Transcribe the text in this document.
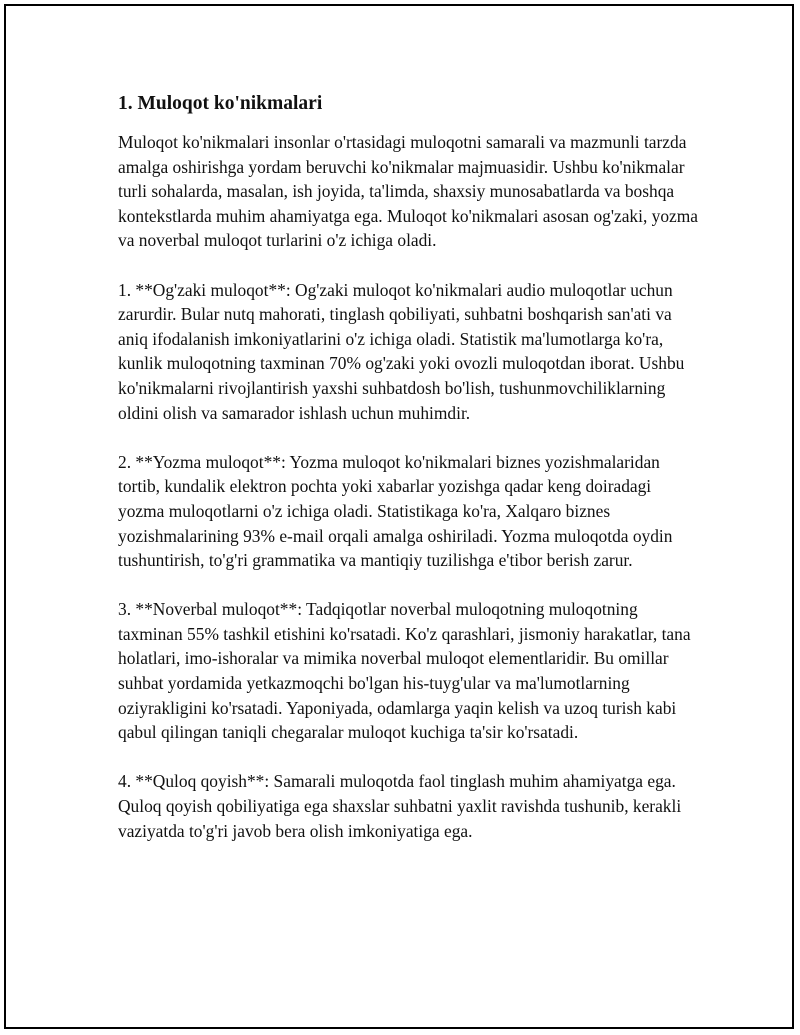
1. Muloqot ko'nikmalari

Muloqot ko'nikmalari insonlar o'rtasidagi muloqotni samarali va mazmunli tarzda amalga oshirishga yordam beruvchi ko'nikmalar majmuasidir. Ushbu ko'nikmalar turli sohalarda, masalan, ish joyida, ta'limda, shaxsiy munosabatlarda va boshqa kontekstlarda muhim ahamiyatga ega. Muloqot ko'nikmalari asosan og'zaki, yozma va noverbal muloqot turlarini o'z ichiga oladi.

1. **Og'zaki muloqot**: Og'zaki muloqot ko'nikmalari audio muloqotlar uchun zarurdir. Bular nutq mahorati, tinglash qobiliyati, suhbatni boshqarish san'ati va aniq ifodalanish imkoniyatlarini o'z ichiga oladi. Statistik ma'lumotlarga ko'ra, kunlik muloqotning taxminan 70% og'zaki yoki ovozli muloqotdan iborat. Ushbu ko'nikmalarni rivojlantirish yaxshi suhbatdosh bo'lish, tushunmovchiliklarning oldini olish va samarador ishlash uchun muhimdir.

2. **Yozma muloqot**: Yozma muloqot ko'nikmalari biznes yozishmalaridan tortib, kundalik elektron pochta yoki xabarlar yozishga qadar keng doiradagi yozma muloqotlarni o'z ichiga oladi. Statistikaga ko'ra, Xalqaro biznes yozishmalarining 93% e-mail orqali amalga oshiriladi. Yozma muloqotda oydin tushuntirish, to'g'ri grammatika va mantiqiy tuzilishga e'tibor berish zarur.

3. **Noverbal muloqot**: Tadqiqotlar noverbal muloqotning muloqotning taxminan 55% tashkil etishini ko'rsatadi. Ko'z qarashlari, jismoniy harakatlar, tana holatlari, imo-ishoralar va mimika noverbal muloqot elementlaridir. Bu omillar suhbat yordamida yetkazmoqchi bo'lgan his-tuyg'ular va ma'lumotlarning oziyrakligini ko'rsatadi. Yaponiyada, odamlarga yaqin kelish va uzoq turish kabi qabul qilingan taniqli chegaralar muloqot kuchiga ta'sir ko'rsatadi.

4. **Quloq qoyish**: Samarali muloqotda faol tinglash muhim ahamiyatga ega. Quloq qoyish qobiliyatiga ega shaxslar suhbatni yaxlit ravishda tushunib, kerakli vaziyatda to'g'ri javob bera olish imkoniyatiga ega.
